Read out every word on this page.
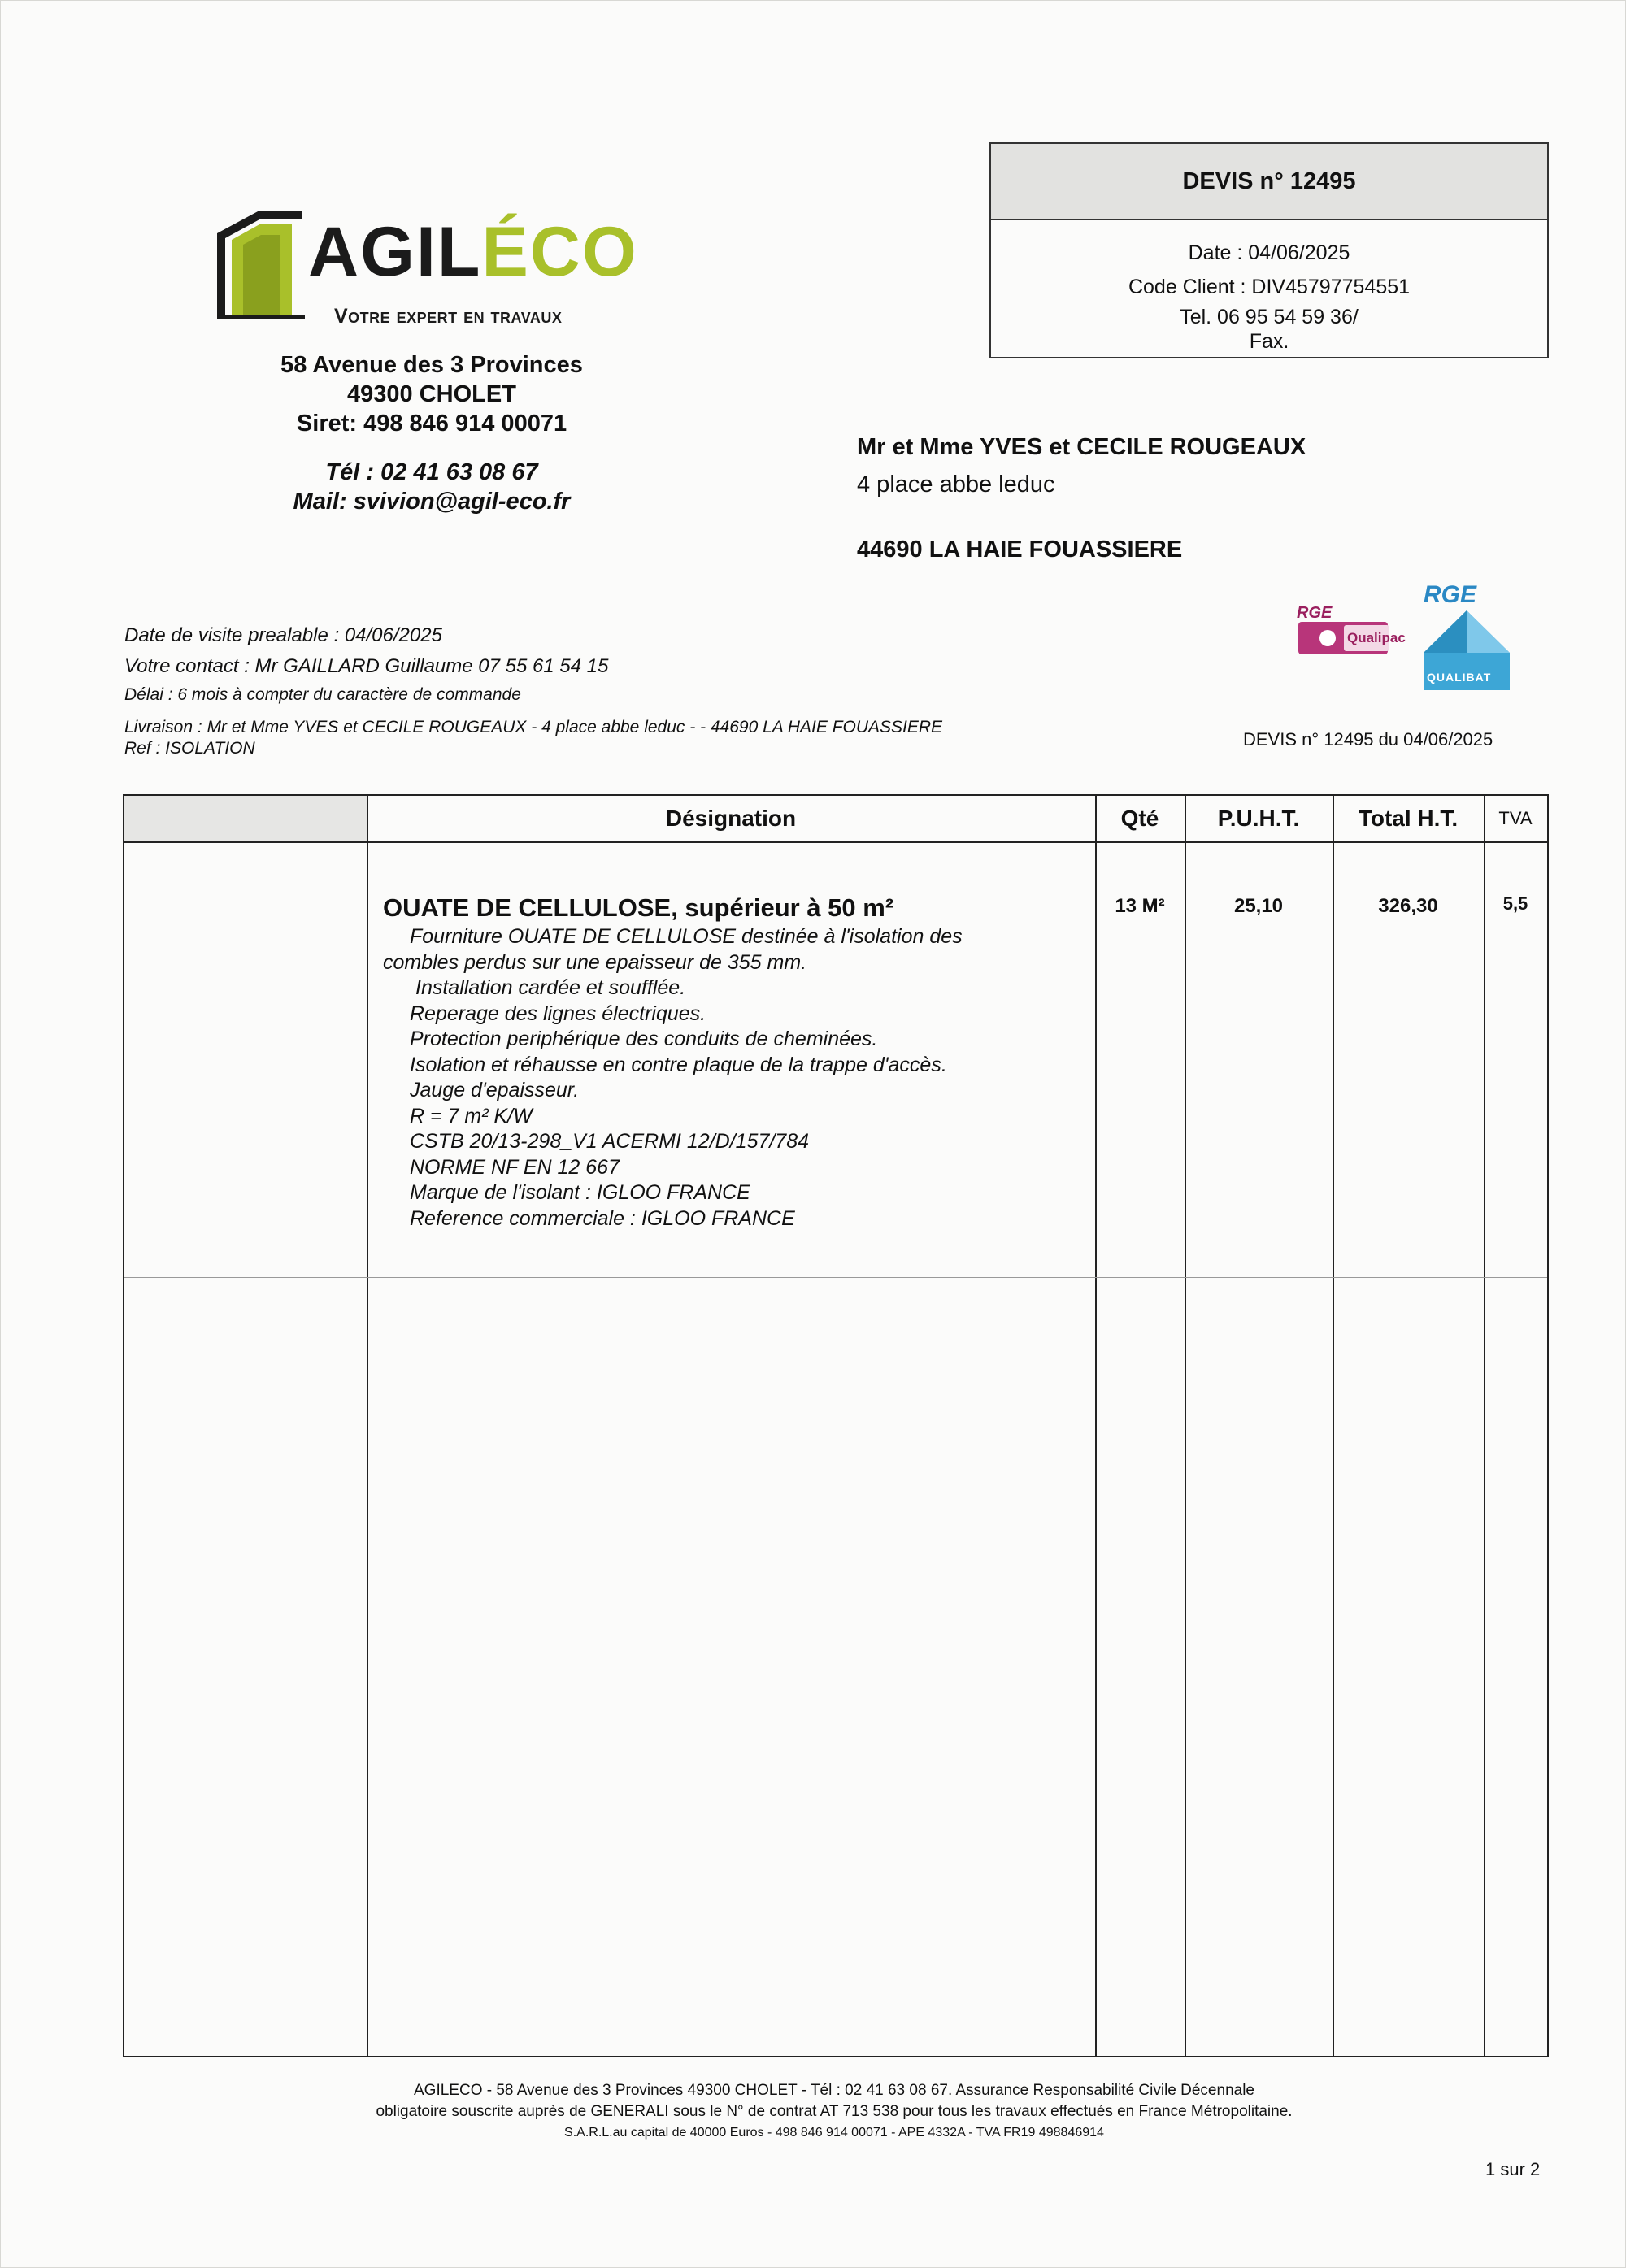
AGILÉCO
Votre expert en travaux
58 Avenue des 3 Provinces
49300 CHOLET
Siret: 498 846 914 00071
Tél : 02 41 63 08 67
Mail: svivion@agil-eco.fr
DEVIS n° 12495
Date : 04/06/2025
Code Client : DIV45797754551
Tel. 06 95 54 59 36/
Fax.
Mr et Mme YVES et CECILE ROUGEAUX
4 place abbe leduc
44690 LA HAIE FOUASSIERE
RGE
Qualipac
RGE
QUALIBAT
Date de visite prealable : 04/06/2025
Votre contact : Mr GAILLARD Guillaume 07 55 61 54 15
Délai : 6 mois à compter du caractère de commande
Livraison : Mr et Mme YVES et CECILE ROUGEAUX - 4 place abbe leduc - - 44690 LA HAIE FOUASSIERE
Ref : ISOLATION	DEVIS n° 12495 du 04/06/2025
Désignation	Qté	P.U.H.T.	Total H.T.	TVA
OUATE DE CELLULOSE, supérieur à 50 m²
Fourniture OUATE DE CELLULOSE destinée à l'isolation des
combles perdus sur une epaisseur de 355 mm.
Installation cardée et soufflée.
Reperage des lignes électriques.
Protection periphérique des conduits de cheminées.
Isolation et réhausse en contre plaque de la trappe d'accès.
Jauge d'epaisseur.
R = 7 m² K/W
CSTB 20/13-298_V1 ACERMI 12/D/157/784
NORME NF EN 12 667
Marque de l'isolant : IGLOO FRANCE
Reference commerciale : IGLOO FRANCE
13 M²	25,10	326,30	5,5
AGILECO - 58 Avenue des 3 Provinces 49300 CHOLET - Tél : 02 41 63 08 67. Assurance Responsabilité Civile Décennale
obligatoire souscrite auprès de GENERALI sous le N° de contrat AT 713 538 pour tous les travaux effectués en France Métropolitaine.
S.A.R.L.au capital de 40000 Euros - 498 846 914 00071 - APE 4332A - TVA FR19 498846914
1 sur 2
